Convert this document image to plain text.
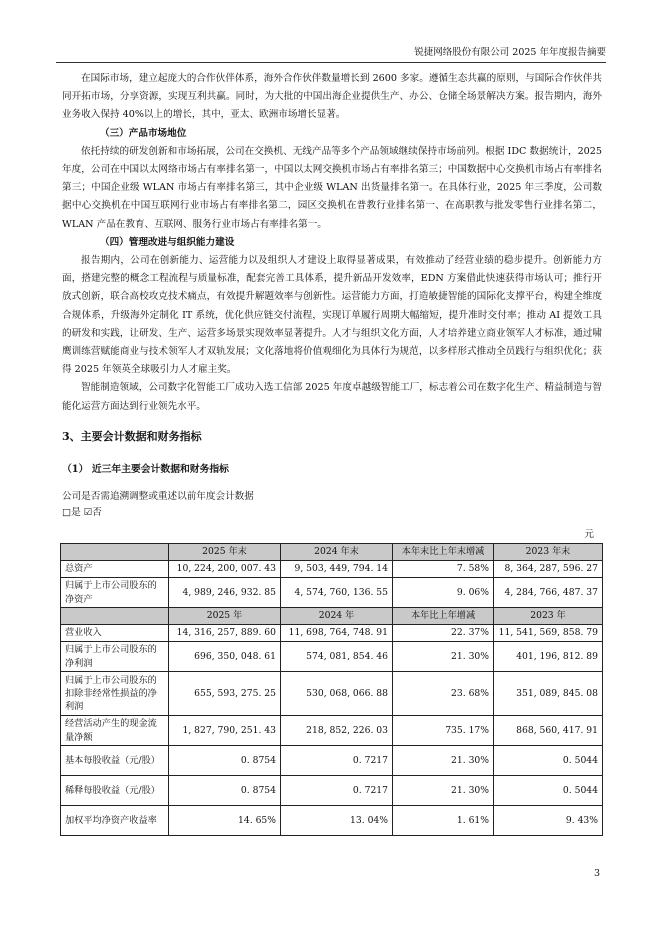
锐捷网络股份有限公司 2025 年年度报告摘要

在国际市场，建立起庞大的合作伙伴体系，海外合作伙伴数量增长到 2600 多家。遵循生态共赢的原则，与国际合作伙伴共同开拓市场，分享资源，实现互利共赢。同时，为大批的中国出海企业提供生产、办公、仓储全场景解决方案。报告期内，海外业务收入保持 40%以上的增长，其中，亚太、欧洲市场增长显著。

（三）产品市场地位

依托持续的研发创新和市场拓展，公司在交换机、无线产品等多个产品领域继续保持市场前列。根据 IDC 数据统计，2025 年度，公司在中国以太网络市场占有率排名第一，中国以太网交换机市场占有率排名第三；中国数据中心交换机市场占有率排名第三；中国企业级 WLAN 市场占有率排名第三，其中企业级 WLAN 出货量排名第一。在具体行业，2025 年三季度，公司数据中心交换机在中国互联网行业市场占有率排名第二，园区交换机在普教行业排名第一、在高职教与批发零售行业排名第二，WLAN 产品在教育、互联网、服务行业市场占有率排名第一。

（四）管理改进与组织能力建设

报告期内，公司在创新能力、运营能力以及组织人才建设上取得显著成果，有效推动了经营业绩的稳步提升。创新能力方面，搭建完整的概念工程流程与质量标准，配套完善工具体系，提升新品开发效率，EDN 方案借此快速获得市场认可；推行开放式创新，联合高校攻克技术痛点，有效提升解题效率与创新性。运营能力方面，打造敏捷智能的国际化支撑平台，构建全维度合规体系，升级海外定制化 IT 系统，优化供应链交付流程，实现订单履行周期大幅缩短，提升准时交付率；推动 AI 提效工具的研发和实践，让研发、生产、运营多场景实现效率显著提升。人才与组织文化方面，人才培养建立商业领军人才标准，通过啸鹰训练营赋能商业与技术领军人才双轨发展；文化落地将价值观细化为具体行为规范，以多样形式推动全员践行与组织优化；获得 2025 年领英全球吸引力人才雇主奖。

智能制造领域，公司数字化智能工厂成功入选工信部 2025 年度卓越级智能工厂，标志着公司在数字化生产、精益制造与智能化运营方面达到行业领先水平。

3、主要会计数据和财务指标
（1） 近三年主要会计数据和财务指标
公司是否需追溯调整或重述以前年度会计数据
□是 ☑否
元
	2025 年末	2024 年末	本年末比上年末增减	2023 年末
总资产	10, 224, 200, 007. 43	9, 503, 449, 794. 14	7. 58%	8, 364, 287, 596. 27
归属于上市公司股东的净资产	4, 989, 246, 932. 85	4, 574, 760, 136. 55	9. 06%	4, 284, 766, 487. 37
	2025 年	2024 年	本年比上年增减	2023 年
营业收入	14, 316, 257, 889. 60	11, 698, 764, 748. 91	22. 37%	11, 541, 569, 858. 79
归属于上市公司股东的净利润	696, 350, 048. 61	574, 081, 854. 46	21. 30%	401, 196, 812. 89
归属于上市公司股东的扣除非经常性损益的净利润	655, 593, 275. 25	530, 068, 066. 88	23. 68%	351, 089, 845. 08
经营活动产生的现金流量净额	1, 827, 790, 251. 43	218, 852, 226. 03	735. 17%	868, 560, 417. 91
基本每股收益（元/股）	0. 8754	0. 7217	21. 30%	0. 5044
稀释每股收益（元/股）	0. 8754	0. 7217	21. 30%	0. 5044
加权平均净资产收益率	14. 65%	13. 04%	1. 61%	9. 43%
3
